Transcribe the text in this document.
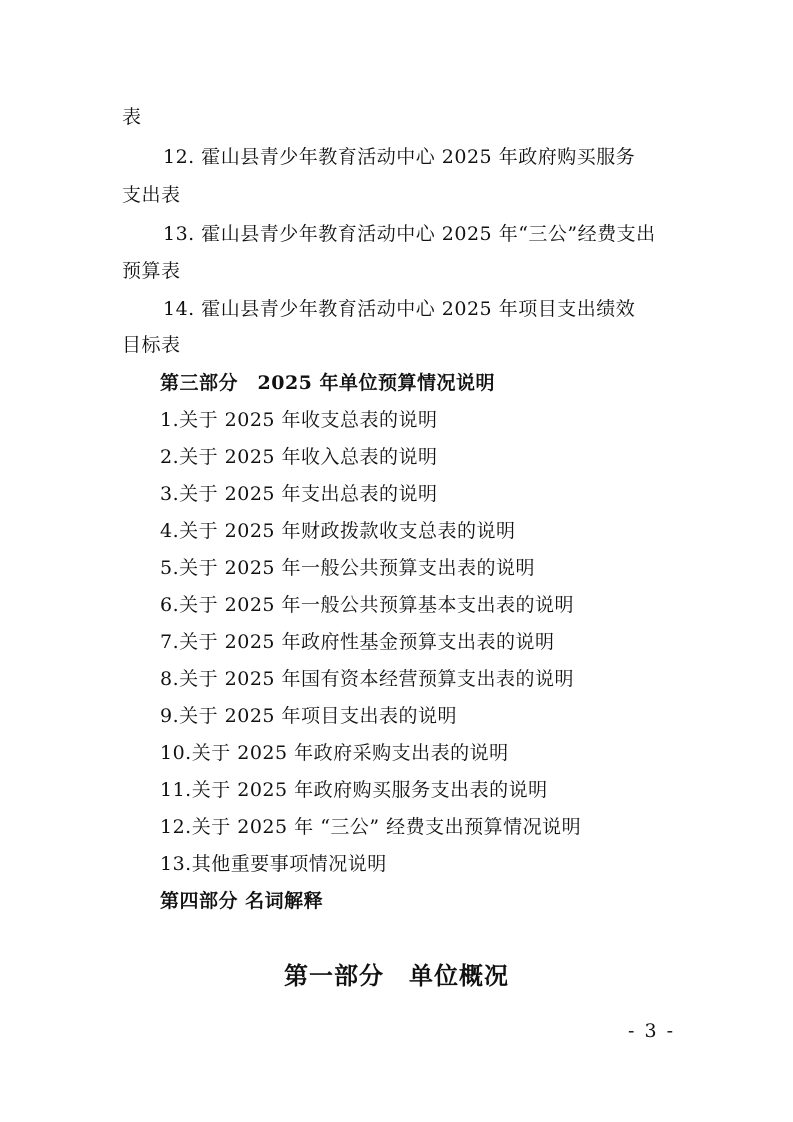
表
12. 霍山县青少年教育活动中心 2025 年政府购买服务
支出表
13. 霍山县青少年教育活动中心 2025 年“三公”经费支出
预算表
14. 霍山县青少年教育活动中心 2025 年项目支出绩效
目标表
第三部分　2025 年单位预算情况说明
1.关于 2025 年收支总表的说明
2.关于 2025 年收入总表的说明
3.关于 2025 年支出总表的说明
4.关于 2025 年财政拨款收支总表的说明
5.关于 2025 年一般公共预算支出表的说明
6.关于 2025 年一般公共预算基本支出表的说明
7.关于 2025 年政府性基金预算支出表的说明
8.关于 2025 年国有资本经营预算支出表的说明
9.关于 2025 年项目支出表的说明
10.关于 2025 年政府采购支出表的说明
11.关于 2025 年政府购买服务支出表的说明
12.关于 2025 年 “三公” 经费支出预算情况说明
13.其他重要事项情况说明
第四部分 名词解释
第一部分　单位概况
- 3 -
